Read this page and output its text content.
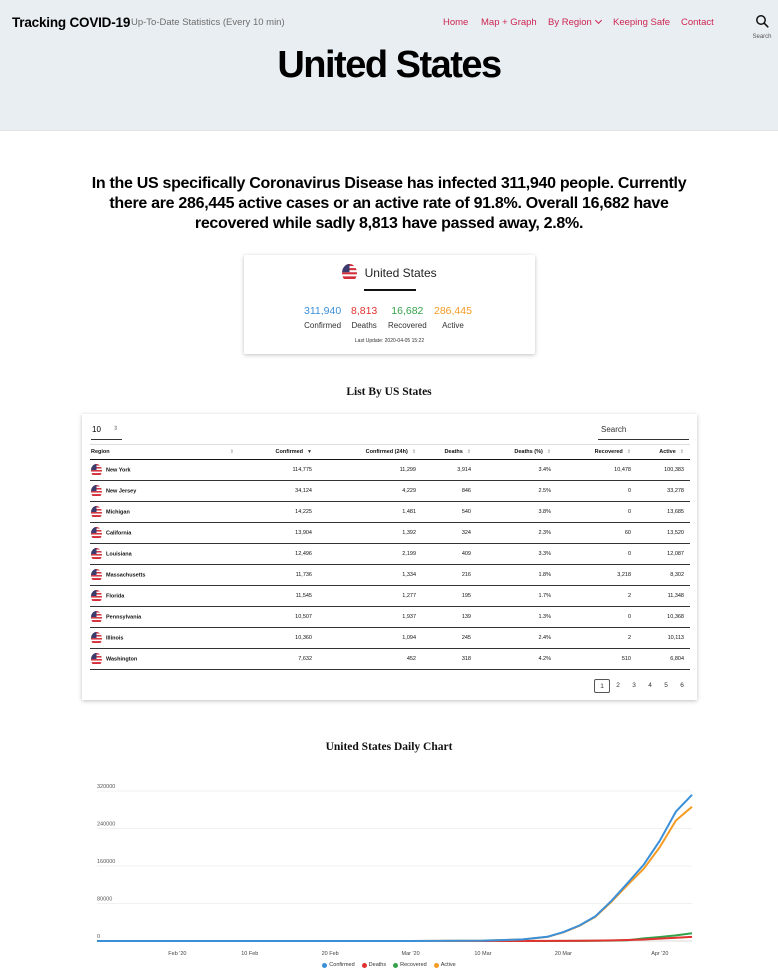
Tracking COVID-19 Up-To-Date Statistics (Every 10 min)	Home Map + Graph By Region	Keeping Safe Contact
Search
United States

In the US specifically Coronavirus Disease has infected 311,940 people. Currently there are 286,445 active cases or an active rate of 91.8%. Overall 16,682 have recovered while sadly 8,813 have passed away, 2.8%.

United States
311,940
Confirmed
8,813
Deaths
16,682
Recovered
286,445
Active
Last Update: 2020-04-05 15:22
List By US States
10 ⇕	Search
Region ⇕	Confirmed ▼	Confirmed (24h) ⇕	Deaths ⇕	Deaths (%) ⇕	Recovered ⇕	Active ⇕
New York	114,775	11,299	3,914	3.4%	10,478	100,383
New Jersey	34,124	4,229	846	2.5%	0	33,278
Michigan	14,225	1,481	540	3.8%	0	13,685
California	13,904	1,392	324	2.3%	60	13,520
Louisiana	12,496	2,199	409	3.3%	0	12,087
Massachusetts	11,736	1,334	216	1.8%	3,218	8,302
Florida	11,545	1,277	195	1.7%	2	11,348
Pennsylvania	10,507	1,937	139	1.3%	0	10,368
Illinois	10,360	1,094	245	2.4%	2	10,113
Washington	7,632	452	318	4.2%	510	6,804
1	2	3	4	5	6
United States Daily Chart
0
80000
160000
240000
320000
Feb '20	10 Feb	20 Feb	Mar '20	10 Mar	20 Mar	Apr '20
Confirmed	Deaths	Recovered	Active
